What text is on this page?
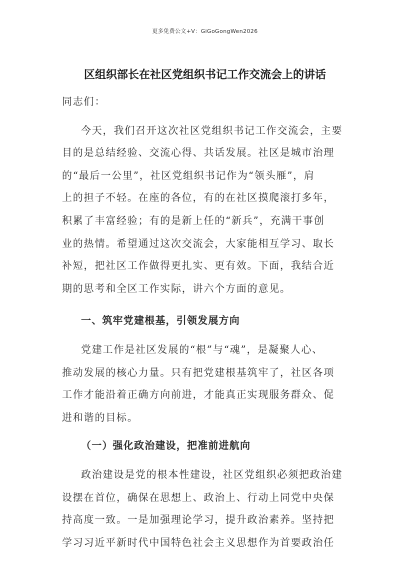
更多免费公文+V：GiGoGongWen2026
区组织部长在社区党组织书记工作交流会上的讲话
同志们：
今天，我们召开这次社区党组织书记工作交流会，主要
目的是总结经验、交流心得、共话发展。社区是城市治理
的“最后一公里”，社区党组织书记作为“领头雁”，肩
上的担子不轻。在座的各位，有的在社区摸爬滚打多年，
积累了丰富经验；有的是新上任的“新兵”，充满干事创
业的热情。希望通过这次交流会，大家能相互学习、取长
补短，把社区工作做得更扎实、更有效。下面，我结合近
期的思考和全区工作实际，讲六个方面的意见。
一、筑牢党建根基，引领发展方向
党建工作是社区发展的“根”与“魂”，是凝聚人心、
推动发展的核心力量。只有把党建根基筑牢了，社区各项
工作才能沿着正确方向前进，才能真正实现服务群众、促
进和谐的目标。
（一）强化政治建设，把准前进航向
政治建设是党的根本性建设，社区党组织必须把政治建
设摆在首位，确保在思想上、政治上、行动上同党中央保
持高度一致。一是加强理论学习，提升政治素养。坚持把
学习习近平新时代中国特色社会主义思想作为首要政治任
